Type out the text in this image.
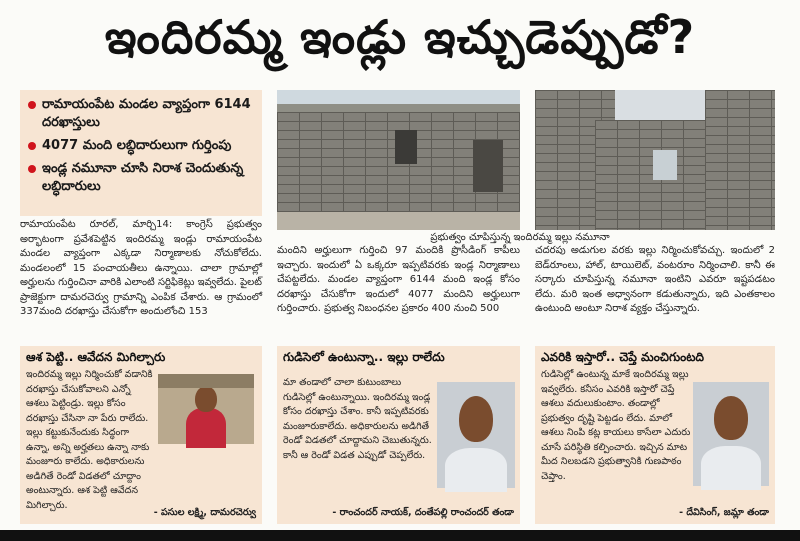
ఇందిరమ్మ ఇండ్లు ఇచ్చుడెప్పుడో?
రామాయంపేట మండల వ్యాప్తంగా 6144 దరఖాస్తులు
4077 మంది లబ్ధిదారులుగా గుర్తింపు
ఇండ్ల నమూనా చూసి నిరాశ చెందుతున్న లబ్ధిదారులు
ప్రభుత్వం చూపిస్తున్న ఇందిరమ్మ ఇల్లు నమూనా
రామాయంపేట రూరల్, మార్చి14: కాంగ్రెస్ ప్రభుత్వం అర్భాటంగా ప్రవేశపెట్టిన ఇందిరమ్మ ఇండ్లు రామాయంపేట మండల వ్యాప్తంగా ఎక్కడా నిర్మాణాలకు నోచుకోలేదు. మండలంలో 15 పంచాయతీలు ఉన్నాయి. చాలా గ్రామాల్లో అర్హులను గుర్తించినా వారికి ఎలాంటి సర్టిఫికెట్లు ఇవ్వలేదు. పైలట్ ప్రాజెక్టుగా దామరచెర్వు గ్రామాన్ని ఎంపిక చేశారు. ఆ గ్రామంలో 337మంది దరఖాస్తు చేసుకోగా అందులోంచి 153
మందిని అర్హులుగా గుర్తించి 97 మందికి ప్రొసీడింగ్ కాపీలు ఇచ్చారు. ఇందులో ఏ ఒక్కరూ ఇప్పటివరకు ఇండ్ల నిర్మాణాలు చేపట్టలేదు. మండల వ్యాప్తంగా 6144 మంది ఇండ్ల కోసం దరఖాస్తు చేసుకోగా ఇందులో 4077 మందిని అర్హులుగా గుర్తించారు. ప్రభుత్వ నిబంధనల ప్రకారం 400 నుంచి 500
చదరపు అడుగుల వరకు ఇల్లు నిర్మించుకోవచ్చు. ఇందులో 2 బెడ్‌రూంలు, హాల్, టాయిలెట్, వంటరూం నిర్మించాలి. కానీ ఈ సర్కారు చూపిస్తున్న నమూనా ఇంటిని ఎవరూ ఇష్టపడటం లేదు. మరి ఇంత అధ్వానంగా కడుతున్నారు, ఇది ఎంతకాలం ఉంటుంది అంటూ నిరాశ వ్యక్తం చేస్తున్నారు.
ఆశ పెట్టి.. ఆవేదన మిగిల్చారు
ఇందిరమ్మ ఇల్లు నిర్మించుకో వడానికి దరఖాస్తు చేసుకోవాలని ఎన్నో ఆశలు పెట్టిండ్రు. ఇల్లు కోసం దరఖాస్తు చేసినా నా పేరు రాలేదు. ఇల్లు కట్టుకునేందుకు సిద్ధంగా ఉన్నా, అన్ని అర్హతలు ఉన్నా నాకు మంజూరు కాలేదు. అధికారులను అడిగితే రెండో విడతలో చూద్దాం అంటున్నారు. ఆశ పెట్టి ఆవేదన మిగిల్చారు.
- పసుల లక్ష్మి, దామరచెర్వు
గుడిసెలో ఉంటున్నా.. ఇల్లు రాలేదు
మా తండాలో చాలా కుటుంబాలు గుడిసెల్లో ఉంటున్నాయి. ఇందిరమ్మ ఇండ్ల కోసం దరఖాస్తు చేశాం. కానీ ఇప్పటివరకు మంజూరుకాలేదు. అధికారులను అడిగితే రెండో విడతలో చూద్దామని చెబుతున్నరు. కానీ ఆ రెండో విడత ఎప్పుడో చెప్పలేరు.
- రాంచందర్ నాయక్, దంతేపల్లి రాంచందర్ తండా
ఎవరికి ఇస్తారో.. చెప్తే మంచిగుంటది
గుడిసెల్లో ఉంటున్న మాకే ఇందిరమ్మ ఇల్లు ఇవ్వలేరు. కనీసం ఎవరికి ఇస్తారో చెప్తే ఆశలు వదులుకుంటాం. తండాల్లో ప్రభుత్వం దృష్టి పెట్టడం లేదు. మాలో ఆశలు నింపి కట్ల కాయలు కాసేలా ఎదురు చూసే పరిస్థితి కల్పించారు. ఇచ్చిన మాట మీద నిలబడని ప్రభుత్వానికి గుణపాఠం చెప్తాం.
- దేవిసింగ్, జమ్లా తండా
